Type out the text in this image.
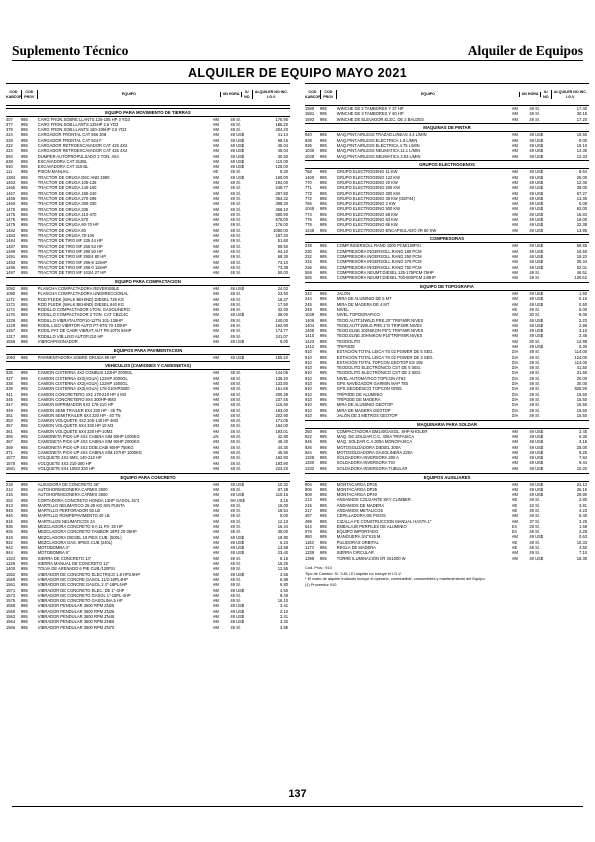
Suplemento Técnico	Alquiler de Equipos
ALQUILER DE EQUIPO MAYO 2021
COD KABCOP
COD PROV
EQUIPO	UN HORA
IU NO
ALQUILER NO INC. I.G.V
EQUIPO PARA MOVIMIENTO DE TIERRAS
407	995	CARG FRON.SOBRE LLANTS 125-155 HP 3 YD3	HM	49 S/.	176.90
377	995	CARG FRON.SOB.LLANTS 125HP 2.5 YD3	HM	49 S/.	186.20
379	995	CARG FRON SOB.LLANTS 160-195HP 3.5 YD3	HM	49 S/.	204.20
224	995	CARGADOR FRONTAL CAT 966 308	HM	49 US$	41.14
228	995	CARGADOR FRONTAL CAT 924 F	HM	49 US$	68.16
222	995	CARGADOR RETROEXCAVADOR CAT 426 4X2	HM	49 US$	45.04
224	995	CARGADOR RETROEXCAVADOR CAT 426 4X4	HM	49 US$	45.04
594	995	DUMPER AUTOPROPULSADO 2 TON. 4X4	HM	49 US$	30.50
638	995	EXCAVADORA CAT 312BL	HM	49 US$	110.00
640	995	EXCAVADORA CAT 315 BL	HM	49 US$	125.00
111	995	PISON MANUAL	HE	49 S/.	8.20
1384	995	TRACTOR DE ORUGA D6C AND 1980	HM	49 US$	160.00
1463	995	TRACTOR DE ORUGA 105-135	HM	49 S/.	194.00
1465	995	TRACTOR DE ORUGA 140-160	HM	49 S/.	249.77
1467	995	TRACTOR DE ORUGA 190-240	HM	49 S/.	297.80
1468	995	TRACTOR DE ORUGA 270-295	HM	49 S/.	364.32
1469	995	TRACTOR DE ORUGA 300-330	HM	49 S/.	398.30
1470	995	TRACTOR DE ORUGA 335	HM	49 S/.	456.10
1475	995	TRACTOR DE ORUGA 410-470	HM	49 S/.	580.90
1476	995	TRACTOR DE ORUGA 570	HM	49 S/.	675.00
1479	995	TRACTOR DE ORUGA 60-70 HP	HM	49 S/.	176.00
1482	995	TRACTOR DE ORUGA 60	HM	49 S/.	1080.00
1483	995	TRACTOR DE ORUGA 75-100	HM	49 S/.	187.30
1484	995	TRACTOR DE TIRO MF 235 44 HP	HM	49 S/.	51.60
1487	995	TRACTOR DE TIRO MF 265 63 HP	HM	49 S/.	59.50
1489	995	TRACTOR DE TIRO MF 290 50 HP	HM	49 S/.	64.10
1491	995	TRACTOR DE TIRO MF 290/4 80 HP	HM	49 S/.	69.30
1493	995	TRACTOR DE TIRO MF 296-8 115HP	HM	49 S/.	73.10
1495	995	TRACTOR DE TIRO MF 296-0 115HP	HM	49 S/.	73.38
1497	995	TRACTOR DE TIRO MF 103/4 27 HP	HM	49 S/.	50.00
EQUIPO PARA COMPACTACION
1092	995	PLANCHA COMPACTADORA REVERSIBLE	HM	49 US$	24.02
1090	995	PLANCHA COMPACTADORA UNIDIRECCIONAL	HM	49 S/.	23.60
1172	995	ROD PLEDK (WALK BEHIND) DIESEL 725 KG	HM	49 S/.	16.27
1173	995	ROD PLEDK (WALK BEHIND) DIESEL 940 KG	HM	49 S/.	17.50
1174	995	RODILLO COMPACTADOR 1TON. GASOLINERO	HM	49 S/.	32.00
1176	995	RODILLO COMPACTADOR 2 TON. CAT CB214C	HM	49 US$	38.00
1228	995	RODILLO VIBRATAUTOP10-12TN 101-135HP	HM	49 S/.	140.00
1229	995	RODIL.LISO VIBRTOR AUTO P7-9TN 70-100HP	HM	49 S/.	162.90
1267	995	RODIL PAT DE CABR VIBRAT AUT P8-10TN 84HP	HM	49 S/.	174.77
1317	995	RODILLO VIB.LISO AUTOP.210 HP	HM	49 S/.	241.07
1556	995	VIBROAPISONADOR	HM	49 US$	9.00
EQUIPOS PARA PAVIMENTACION
1093	995	PAVIMENTADORA SOBRE ORUGA 69 HP	HM	49 US$	155.40
VEHICULOS (CAMIONES Y CAMIONETAS)
335	995	CAMION CISTERNA 4X2 COMBUS 122HP 2000GL	HM	48 S/.	144.05
337	995	CAMION CISTERNA 4X2(AGUA) 122HP 2000GL	HM	48 S/.	136.20
338	995	CAMION CISTERNA 4X2(AGUA) 122HP 1500GL	HM	48 S/.	133.80
339	995	CAMION CISTERNA 4X2(AGUA) 178-210HP3000	HM	48 S/.	161.65
341	995	CAMION CONCRETERO 4X2 178-210 HP 4 M3	HM	48 S/.	200.38
345	995	CAMION CONCRETERO 8X4 300HP-8M3	HM	48 S/.	237.45
347	995	CAMION IMPRIMADOR 6X2 178-210 HP	HM	48 S/.	115.60
349	995	CAMION SEMI TRAILER 6X4 330 HP - 35 TN	HM	48 S/.	183.00
351	995	CAMION SEMITRAILER 6X4 330 HP - 40 TN	HM	48 S/.	202.90
353	995	CAMION VOLQUETE 4X2 105-140 HP 4M3	HM	48 S/.	171.05
357	995	CAMION VOLQUETE 6X4 330 HP 10 M3	HM	48 S/.	184.00
361	995	CAMION VOLQUETE 6X4 330 HP-10M3	HM	48 S/.	193.01
365	995	CAMIONETA PICK-UP 4X2 CABINA SIM 90HP 1000KG	UN	48 S/.	42.90
367	995	CAMIONETA PICK-UP 4X2 CABINA SIM 90HP 2000KG	HM	48 S/.	48.40
369	995	CAMIONETA PICK-UP 4X2 DOB.CABI 90HP 750KG	HM	48 S/.	44.30
371	995	CAMIONETA PICK-UP 4X4 CABINA SIM.107HP 1000KG	HM	48 S/.	45.50
1577	995	VOLQUETE 4X2 6M3, 140-210 HP	HM	48 S/.	182.90
1578	995	VOLQUETE 4X2 210-280 HP	HM	48 S/.	193.90
1581	995	VOLQUETE 6X4 10M3 330 HP	HM	48 S/.	223.20
EQUIPO PARA CONCRETO
218	995	ALISADORA DE CONCRETO 36"	HM	49 US$	10.32
214	995	AUTOHORMIGONERA CARMIX 2500	HM	49 S/.	87.28
216	995	AUTOHORMIGONERA CARMIX 3500	HM	49 US$	110.16
252	995	CORTADORA CONCRETO HONDA 13HP GASOL.16"4	HM	9H US$	3.15
913	995	MARTILLO NEUMATICO 25-29 KG SIN PUNTA	HM	49 S/.	15.00
948	995	MARTILLO PERFORADOR 50 LB	HM	49 S/.	18.54
946	995	MARTILLO ROMPEPAVIMENTO 40 LB	HM	49 S/.	5.00
915	995	MARTILLOS NEUMATICOS 24	HM	49 S/.	12.10
935	995	MEZCLADORA CONCRETO 9 A 11 P3- 20 HP	HM	49 S/.	16.44
925	995	MEZCLADORA CONCRETO TAMBOR 18P3 20-35HP	HM	48 S/.	35.00
918	995	MEZCLADORA DIESEL 18 PIES CUB. (500L)	HM	49 US$	18.80
922	995	MEZCLADORA GAS. 9PIES CUB (240L)	HM	49 US$	6.23
942	995	MOTOBOMBA 4"	HM	49 US$	13.58
944	995	MOTOBOMBA 6"	HM	49 US$	23.40
1324	995	SIERRA DE CONCRETO 14"	HM	49 S/.	9.15
1326	995	SIERRA MANUAL DE CONCRETO 12"	HM	49 S/.	16.20
1400	995	TOLVA DE ARENADO 6 PIE CUB./120PSI	HM	49 S/.	12.55
1552	995	VIBRADOR DE CONCRETO ELECTRICO 1.8 HP2.8HP	HM	49 US$	3.56
1559	995	VIBRADOR DE CONCRE.GASOL.11/2-18PL4HP	HM	49 S/.	5.98
1561	995	VIBRADOR DE CONCRE.GASOL.2 4"-18PL4HP	HM	49 S/.	6.80
1571	995	VIBRADOR DE CONCRETO ELEC. DE 1"-3HP	HM	49 US$	4.50
1573	995	VIBRADOR DE CONCRETO GASOL 1"-18PL-4HP	HM	49 S/.	9.40
1575	995	VIBRADOR DE CONCRETO GASOLINA 5 HP	HM	49 S/.	16.10
1558	995	VIBRADOR PENDULAR 3600 RPM ZN25	HM	49 US$	3.41
1560	995	VIBRADOR PENDULAR 3600 RPM ZN35	HM	49 US$	2.10
1562	995	VIBRADOR PENDULAR 3600 RPM ZN45	HM	49 US$	3.41
1564	995	VIBRADOR PENDULAR 3600 RPM ZN50	HM	49 US$	3.32
1566	995	VIBRADOR PENDULAR 3600 RPM ZN70	HM	49 S/.	3.95
COD KABCOP
COD PROV
EQUIPO	UN HORA
IU NO
ALQUILER NO INC. I.G.V
1589	995	WINCHE DE 2 TAMBORES Y 37 HP	HM	49 S/.	17.40
1591	995	WINCHE DE 3 TAMBORES Y 60 HP	HM	49 S/.	30.15
1593	995	WINCHE DE ELEVADOR ELEC. DE 2 BALDES	HM	49 S/.	17.20
MAQUINAS DE PINTAR
940	995	MAQ.PINT.AIRLESS TRAZAD.LINEAS 4.4 L/MIN	HM	49 US$	16.50
938	995	MAQ.PINT.AIRLESS ELECTRICA 1.9 L/MIN	HM	49 US$	9.00
936	995	MAQ.PINT.AIRLESS ELECTRICA 4.75 L/MIN	HM	49 US$	15.10
1046	995	MAQ.PINT.AIRLESS NEUMATICA 11.1 L/MIN	HM	49 US$	14.30
1048	995	MAQ.PINT.AIRLESS NEUMATICA 3.83 L/MIN	HM	49 US$	12.33
GRUPOS ELECTROGENOS
768	995	GRUPO ELECTROGENO 11 KW	HM	49 US$	8.64
1460	995	GRUPO ELECTROGENO 122 KW	HM	49 US$	26.00
770	995	GRUPO ELECTROGENO 20 KW	HM	49 US$	12.46
771	995	GRUPO ELECTROGENO 205 KW	HM	49 US$	38.00
773	995	GRUPO ELECTROGENO 300 KW	HM	49 US$	67.27
772	995	GRUPO ELECTROGENO 38 KW (GEP44)	HM	49 US$	13.36
766	995	GRUPO ELECTROGENO 3 KW	HM	49 US$	6.08
1049	995	GRUPO ELECTROGENO 500 KW	HM	49 US$	62.00
774	995	GRUPO ELECTROGENO 58 KW	HM	49 US$	16.84
776	995	GRUPO ELECTROGENO 83 KW	HM	49 US$	19.00
778	995	GRUPO ELECTROGENO 86 KW	HM	49 US$	22.38
1248	995	GRUPO ELECTROGENO ENCAPSULADO I/R 50 KW	HM	49 US$	13.85
COMPRESORAS
238	995	COMP.INGERSOLL RAND 1000 PCM/150PSI	HM	49 US$	68.55
230	995	COMPRESORA INGERSOLL RAND 185 PCM	HM	49 US$	16.50
232	995	COMPRESORA INGERSOLL RAND 250 PCM	HM	49 US$	19.22
234	995	COMPRESORA INGERSOLL RAND 375 PCM	HM	49 US$	35.34
236	995	COMPRESORA INGERSOLL RAND 750 PCM	HM	49 US$	52.01
559	995	COMPRESORA NEUMT.DIESEL 125-175PCM-76HP	HM	49 S/.	46.51
565	995	COMPRESORA NEUMT.DIESEL 700-800PCM 240HP	HM	49 S/.	130.62
EQUIPO DE TOPOGRAFIA
242	995	JALON	HM	49 US$	1.50
244	995	MIRA DE ALUMINIO DE 5 MT	HM	49 US$	0.15
245	995	MIRA DE MADERA DE 4 MT	HM	49 US$	0.50
248	995	NIVEL	HE	49 S/.	5.00
1049	995	NIVEL TOPOGRAFICO	HM	30 S/.	8.00
1406	995	TEOD.AUTT14WILD.PRE.20" TRIP.MIR.NIVES	HM	49 US$	2.23
1404	995	TEOD.AUTT1WILD.PRE.1"O TRIP.MIR.NIVES	HM	49 US$	2.86
1408	995	TEOD.ELNE 202NIKON P5"C TRIP.MIR.NIVES	HM	49 US$	3.10
1410	995	TEOD.ELNE 20HNIKON P10"TRIP.MIR.NIVES	HM	49 US$	2.45
1423	995	TEODOLITO	HM	30 S/.	12.98
1412	995	TRIPODE	HM	49 US$	0.30
910	995	ESTACIÓN TOTAL LEICA TS 02 POWER DE 5 SEG.	DIA	49 S/.	114.00
910	995	ESTACIÓN TOTAL LEICA TS 02 POWER DE 3 SEG.	DIA	49 S/.	124.00
910	995	ESTACIÓN TOTAL TOPCON GEOTOP ES 105	DIA	49 S/.	114.00
910	995	TEODOLITO ELECTRÓNICO CST DE 5 SEG.	DIA	49 S/.	41.50
910	995	TEODOLITO ELECTRÓNICO CST DE 2 SEG.	DIA	49 S/.	31.60
910	995	NIVEL AUTOMÁTICO TOPCON AT83	DIA	49 S/.	20.00
910	995	GPS NAVEGADOR GARMIN MAP 78S	DIA	49 S/.	30.00
910	995	GPS GEODÉSICO TOPCON GR55	DIA	49 S/.	826.90
910	995	TRÍPODE DE ALUMINIO	DIA	49 S/.	15.50
910	995	TRÍPODE DE MADERA	DIA	49 S/.	15.50
910	995	MIRA DE ALUMINIO GEOTOP	DIA	49 S/.	15.50
910	995	MIRA DE MADERA GEOTOP	DIA	49 S/.	15.50
910	995	JALÓN DE 3 METROS GEOTOP	DIA	49 S/.	15.50
MAQUINARIA PARA SOLDAR
250	995	COMPACTADORA BM140GASOL. 8HP KHOLER	HM	49 US$	3.45
922	995	MAQ. DE SOLDAR C.C. 400A TRIFASICA	HM	49 US$	6.30
945	995	MAQ. SOLDAR C.A.300A MONOFASICA	HM	49 US$	3.15
926	995	MOTOSOLDADORA DIESEL 300A	HM	49 US$	25.00
924	995	MOTOSOLDADORA GASOLINERA 225A	HM	49 US$	8.25
1328	995	SOLDADORA INVERSORA 300 A	HM	49 US$	7.84
1330	995	SOLDADORA INVERSORA TIG	HM	49 US$	9.44
1332	995	SOLDADORA INVERSORA TUBULAR	HM	49 US$	10.20
EQUIPOS AUXILIARES
904	995	MONTACARGA DP25	HM	49 US$	24.14
906	995	MONTACARGA DP35	HM	49 US$	26.15
908	995	MONTACARGA DP40	HM	49 US$	29.80
213	995	ANDAMIOS COLGANTE SKY CLIMBER	HE	49 S/.	2.80
215	995	ANDAMIOS DE MADERA	HE	43 S/.	3.81
217	995	ANDAMIOS METALICOS	HE	49 S/.	4.23
457	995	CEPILLADORA DE PISOS	HM	49 S/.	5.40
499	995	CIZALLA FE CONSTRUCCION MANUAL HASTA 1"	HM	37 S/.	3.20
644	995	EMBALAJE PERFILES DE ALUMINIO	ES	29 S/.	1.69
679	995	EQUIPO IMPORTADO	ES	49 S/.	2.28
950	995	MANGUERA 3/4"X15 M.	HM	49 US$	0.63
1163	995	PULIDORAS ORBITAL	HE	48 S/.	10.33
1173	995	REGLA DE MADERA	HE	48 S/.	4.50
1339	995	SIERRA CIRCULAR	HM	49 S/.	7.10
1398	995	TORRE ILUMINACIÓN I/R 4X1000 W	HM	49 US$	18.30
Cod. Prov.: 910
Tipo de Cambio: S/. 3.81 / El alquiler no incluye el I.G.V.
* El costo de alquiler indicado incluye el operario, combustible, consumibles y mantenimiento del Equipo.
(1) Proveedor 910
137
